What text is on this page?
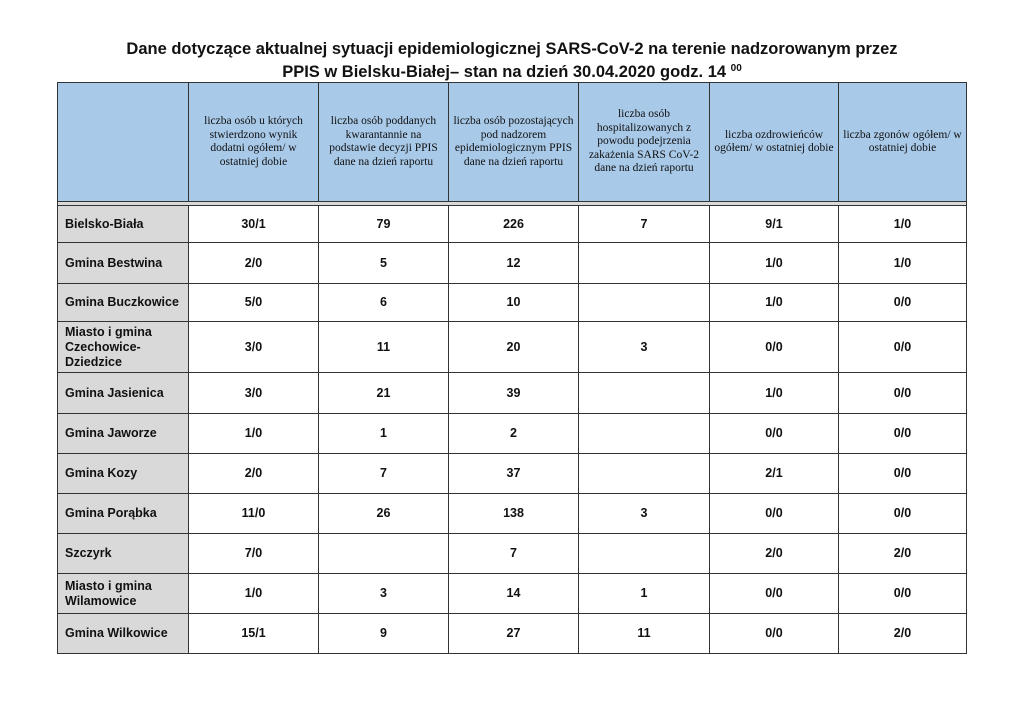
Dane dotyczące aktualnej sytuacji epidemiologicznej SARS-CoV-2 na terenie nadzorowanym przez
PPIS w Bielsku-Białej– stan na dzień 30.04.2020 godz. 14 $^{00}$
	liczba osób u których stwierdzono wynik dodatni ogółem/ w ostatniej dobie	liczba osób poddanych kwarantannie na podstawie decyzji PPIS dane na dzień raportu	liczba osób pozostających pod nadzorem epidemiologicznym PPIS dane na dzień raportu	liczba osób hospitalizowanych z powodu podejrzenia zakażenia SARS CoV-2 dane na dzień raportu	liczba ozdrowieńców ogółem/ w ostatniej dobie	liczba zgonów ogółem/ w ostatniej dobie

Bielsko-Biała	30/1	79	226	7	9/1	1/0
Gmina Bestwina	2/0	5	12		1/0	1/0
Gmina Buczkowice	5/0	6	10		1/0	0/0
Miasto i gmina Czechowice-Dziedzice	3/0	11	20	3	0/0	0/0
Gmina Jasienica	3/0	21	39		1/0	0/0
Gmina Jaworze	1/0	1	2		0/0	0/0
Gmina Kozy	2/0	7	37		2/1	0/0
Gmina Porąbka	11/0	26	138	3	0/0	0/0
Szczyrk	7/0		7		2/0	2/0
Miasto i gmina Wilamowice	1/0	3	14	1	0/0	0/0
Gmina Wilkowice	15/1	9	27	11	0/0	2/0
